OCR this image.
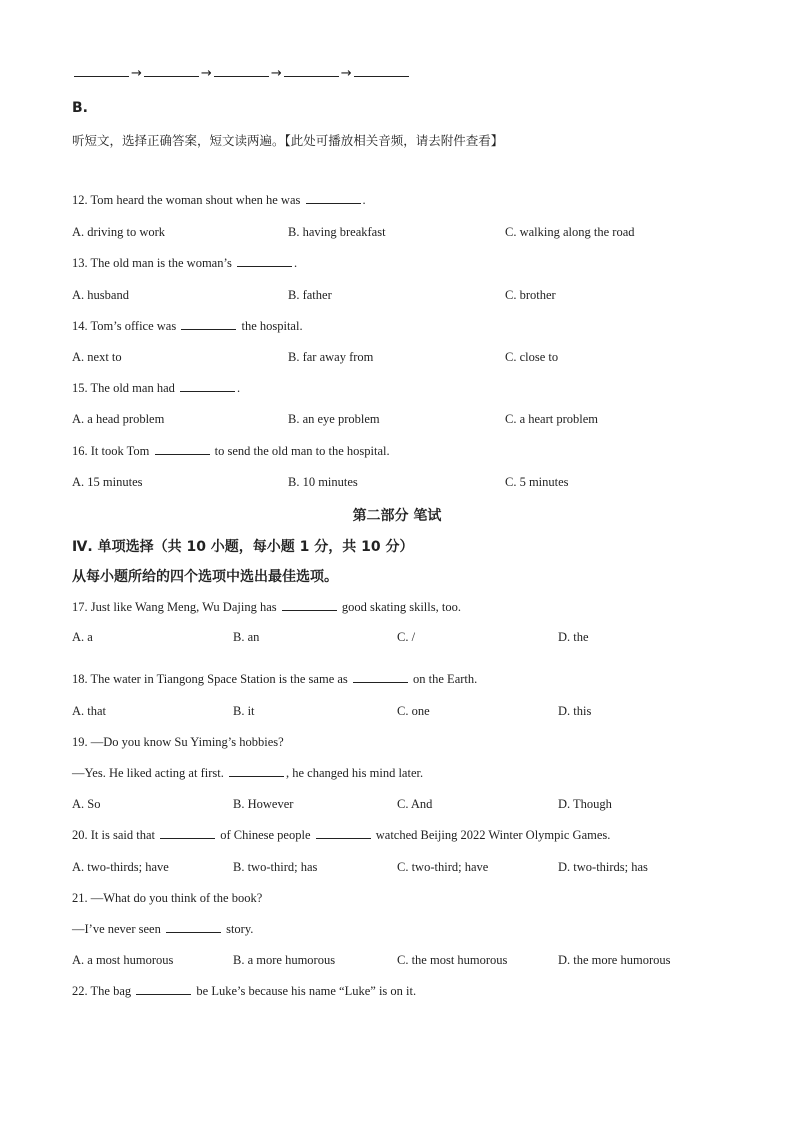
→	→	→	→
B.
听短文，选择正确答案，短文读两遍。【此处可播放相关音频，请去附件查看】
12. Tom heard the woman shout when he was	.
A. driving to work	B. having breakfast	C. walking along the road
13. The old man is the woman’s	.
A. husband	B. father	C. brother
14. Tom’s office was	the hospital.
A. next to	B. far away from	C. close to
15. The old man had	.
A. a head problem	B. an eye problem	C. a heart problem
16. It took Tom	to send the old man to the hospital.
A. 15 minutes	B. 10 minutes	C. 5 minutes
第二部分 笔试
Ⅳ. 单项选择（共 10 小题，每小题 1 分，共 10 分）
从每小题所给的四个选项中选出最佳选项。
17. Just like Wang Meng, Wu Dajing has	good skating skills, too.
A. a	B. an	C. /	D. the
18. The water in Tiangong Space Station is the same as	on the Earth.
A. that	B. it	C. one	D. this
19. —Do you know Su Yiming’s hobbies?
—Yes. He liked acting at first.	, he changed his mind later.
A. So	B. However	C. And	D. Though
20. It is said that	of Chinese people	watched Beijing 2022 Winter Olympic Games.
A. two-thirds; have	B. two-third; has	C. two-third; have	D. two-thirds; has
21. —What do you think of the book?
—I’ve never seen	story.
A. a most humorous	B. a more humorous	C. the most humorous	D. the more humorous
22. The bag	be Luke’s because his name “Luke” is on it.
